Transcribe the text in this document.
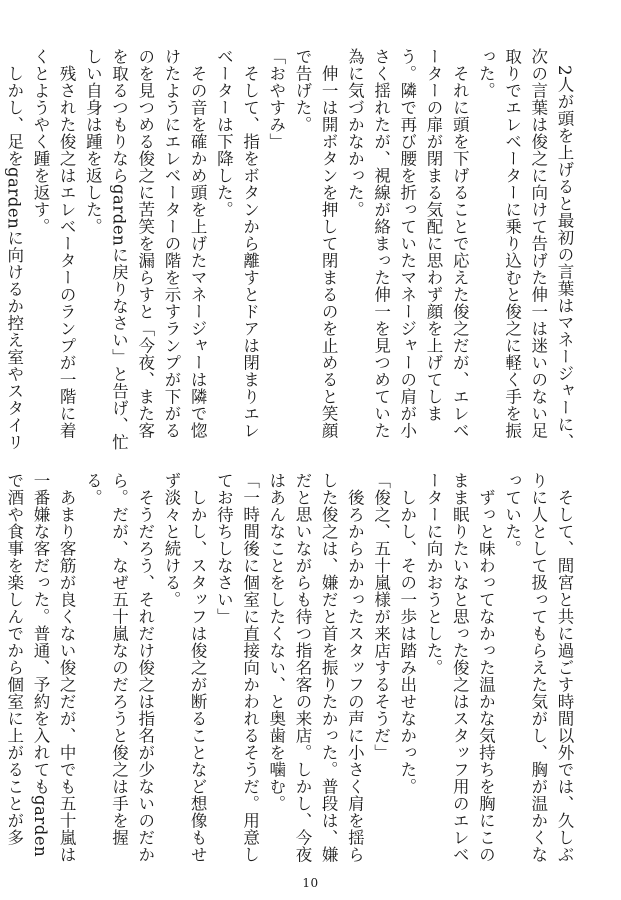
2人が頭を上げると最初の言葉はマネージャーに、次の言葉は俊之に向けて告げた伸一は迷いのない足取りでエレベーターに乗り込むと俊之に軽く手を振った。

それに頭を下げることで応えた俊之だが、エレベーターの扉が閉まる気配に思わず顔を上げてしまう。隣で再び腰を折っていたマネージャーの肩が小さく揺れたが、視線が絡まった伸一を見つめていた為に気づかなかった。

伸一は開ボタンを押して閉まるのを止めると笑顔で告げた。

「おやすみ」

そして、指をボタンから離すとドアは閉まりエレベーターは下降した。

その音を確かめ頭を上げたマネージャーは隣で惚けたようにエレベーターの階を示すランプが下がるのを見つめる俊之に苦笑を漏らすと「今夜、また客を取るつもりならgardenに戻りなさい」と告げ、忙しい自身は踵を返した。

残された俊之はエレベーターのランプが一階に着くとようやく踵を返す。

しかし、足をgardenに向けるか控え室やスタイリ

そして、間宮と共に過ごす時間以外では、久しぶりに人として扱ってもらえた気がし、胸が温かくなっていた。

ずっと味わってなかった温かな気持ちを胸にこのまま眠りたいなと思った俊之はスタッフ用のエレベーターに向かおうとした。

しかし、その一歩は踏み出せなかった。

「俊之、五十嵐様が来店するそうだ」

後ろからかかったスタッフの声に小さく肩を揺らした俊之は、嫌だと首を振りたかった。普段は、嫌だと思いながらも待つ指名客の来店。しかし、今夜はあんなことをしたくない、と奥歯を噛む。

「一時間後に個室に直接向かわれるそうだ。用意してお待ちしなさい」

しかし、スタッフは俊之が断ることなど想像もせず淡々と続ける。

そうだろう、それだけ俊之は指名が少ないのだから。だが、なぜ五十嵐なのだろうと俊之は手を握る。

あまり客筋が良くない俊之だが、中でも五十嵐は一番嫌な客だった。普通、予約を入れてもgardenで酒や食事を楽しんでから個室に上がることが多

10
